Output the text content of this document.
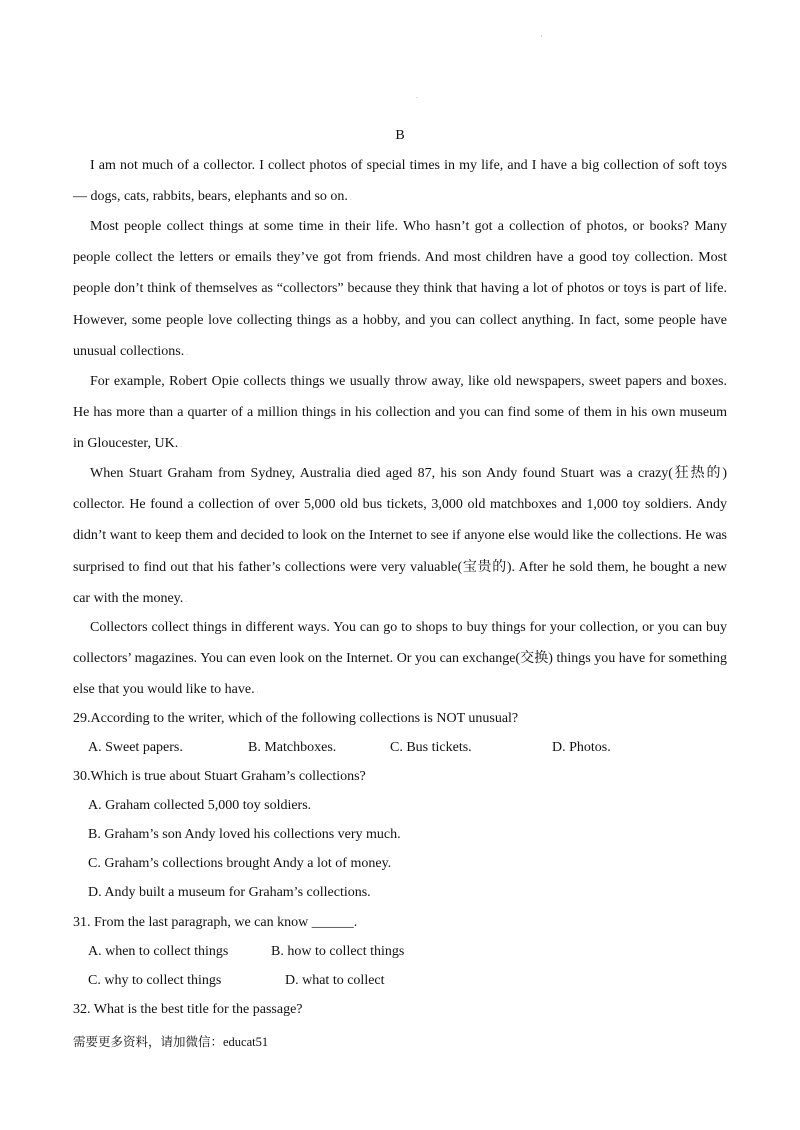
'
.
B

I am not much of a collector. I collect photos of special times in my life, and I have a big collection of soft toys — dogs, cats, rabbits, bears, elephants and so on. .

Most people collect things at some time in their life. Who hasn’t got a collection of photos, or books? Many people collect the letters or emails they’ve got from friends. And most children have a good toy collection. Most people don’t think of themselves as “collectors” because they think that having a lot of photos or toys is part of life. However, some people love collecting things as a hobby, and you can collect anything. In fact, some people have unusual collections. .

For example, Robert Opie collects things we usually throw away, like old newspapers, sweet papers and boxes. He has more than a quarter of a million things in his collection and you can find some of them in his own museum in Gloucester, UK. .

When Stuart Graham from Sydney, Australia died aged 87, his son Andy found Stuart was a crazy(狂热的) collector. He found a collection of over 5,000 old bus tickets, 3,000 old matchboxes and 1,000 toy soldiers. Andy didn’t want to keep them and decided to look on the Internet to see if anyone else would like the collections. He was surprised to find out that his father’s collections were very valuable(宝贵的). After he sold them, he bought a new car with the money. .

Collectors collect things in different ways. You can go to shops to buy things for your collection, or you can buy collectors’ magazines. You can even look on the Internet. Or you can exchange(交换) things you have for something else that you would like to have. .

29.According to the writer, which of the following collections is NOT unusual?
A. Sweet papers.	B. Matchboxes.	C. Bus tickets.	D. Photos.
30.Which is true about Stuart Graham’s collections?
A. Graham collected 5,000 toy soldiers.
B. Graham’s son Andy loved his collections very much.
C. Graham’s collections brought Andy a lot of money.
D. Andy built a museum for Graham’s collections.
31. From the last paragraph, we can know ______.
A. when to collect things	B. how to collect things
C. why to collect things	D. what to collect
32. What is the best title for the passage?
需要更多资料，请加微信：educat51
